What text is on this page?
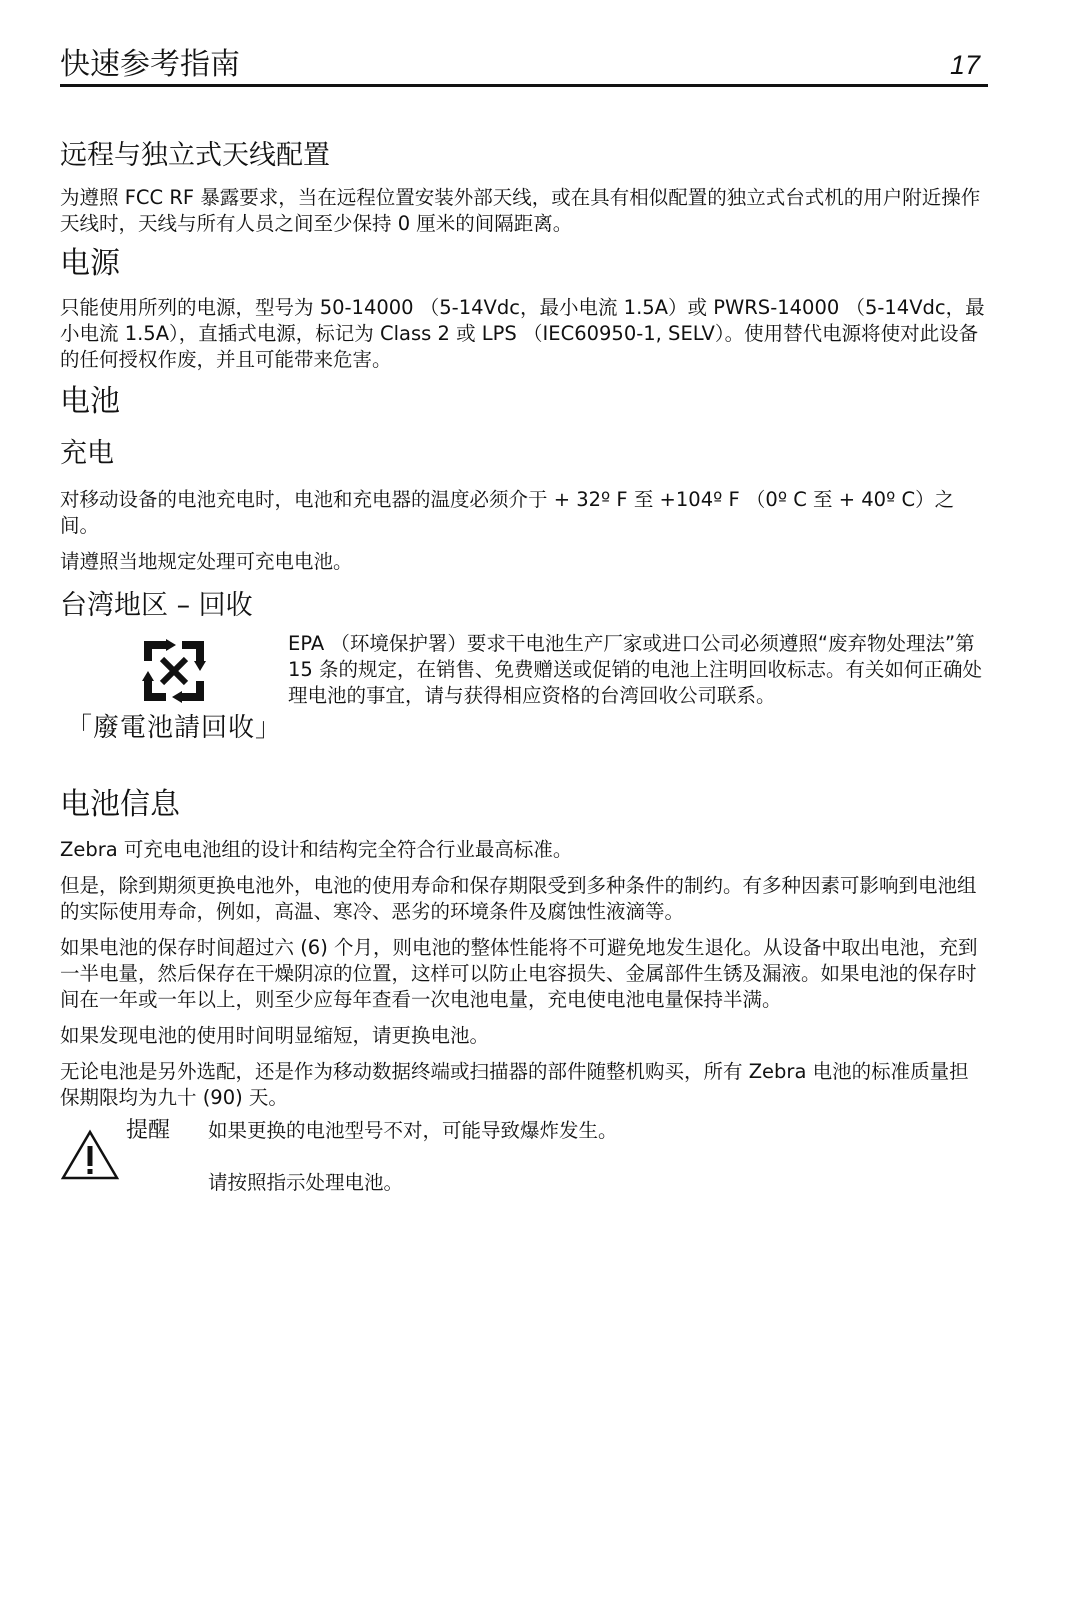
快速参考指南	17
远程与独立式天线配置

为遵照 FCC RF 暴露要求，当在远程位置安装外部天线，或在具有相似配置的独立式台式机的用户附近操作天线时，天线与所有人员之间至少保持 0 厘米的间隔距离。

电源

只能使用所列的电源，型号为 50-14000 （5-14Vdc，最小电流 1.5A）或 PWRS-14000 （5-14Vdc，最小电流 1.5A），直插式电源，标记为 Class 2 或 LPS （IEC60950-1, SELV）。使用替代电源将使对此设备的任何授权作废，并且可能带来危害。

电池
充电

对移动设备的电池充电时，电池和充电器的温度必须介于 + 32º F 至 +104º F （0º C 至 + 40º C）之间。

请遵照当地规定处理可充电电池。

台湾地区 – 回收
「廢電池請回收」

EPA （环境保护署）要求干电池生产厂家或进口公司必须遵照“废弃物处理法”第 15 条的规定，在销售、免费赠送或促销的电池上注明回收标志。有关如何正确处理电池的事宜，请与获得相应资格的台湾回收公司联系。

电池信息

Zebra 可充电电池组的设计和结构完全符合行业最高标准。

但是，除到期须更换电池外，电池的使用寿命和保存期限受到多种条件的制约。有多种因素可影响到电池组的实际使用寿命，例如，高温、寒冷、恶劣的环境条件及腐蚀性液滴等。

如果电池的保存时间超过六 (6) 个月，则电池的整体性能将不可避免地发生退化。从设备中取出电池，充到一半电量，然后保存在干燥阴凉的位置，这样可以防止电容损失、金属部件生锈及漏液。如果电池的保存时间在一年或一年以上，则至少应每年查看一次电池电量，充电使电池电量保持半满。

如果发现电池的使用时间明显缩短，请更换电池。

无论电池是另外选配，还是作为移动数据终端或扫描器的部件随整机购买，所有 Zebra 电池的标准质量担保期限均为九十 (90) 天。

提醒	如果更换的电池型号不对，可能导致爆炸发生。

请按照指示处理电池。
